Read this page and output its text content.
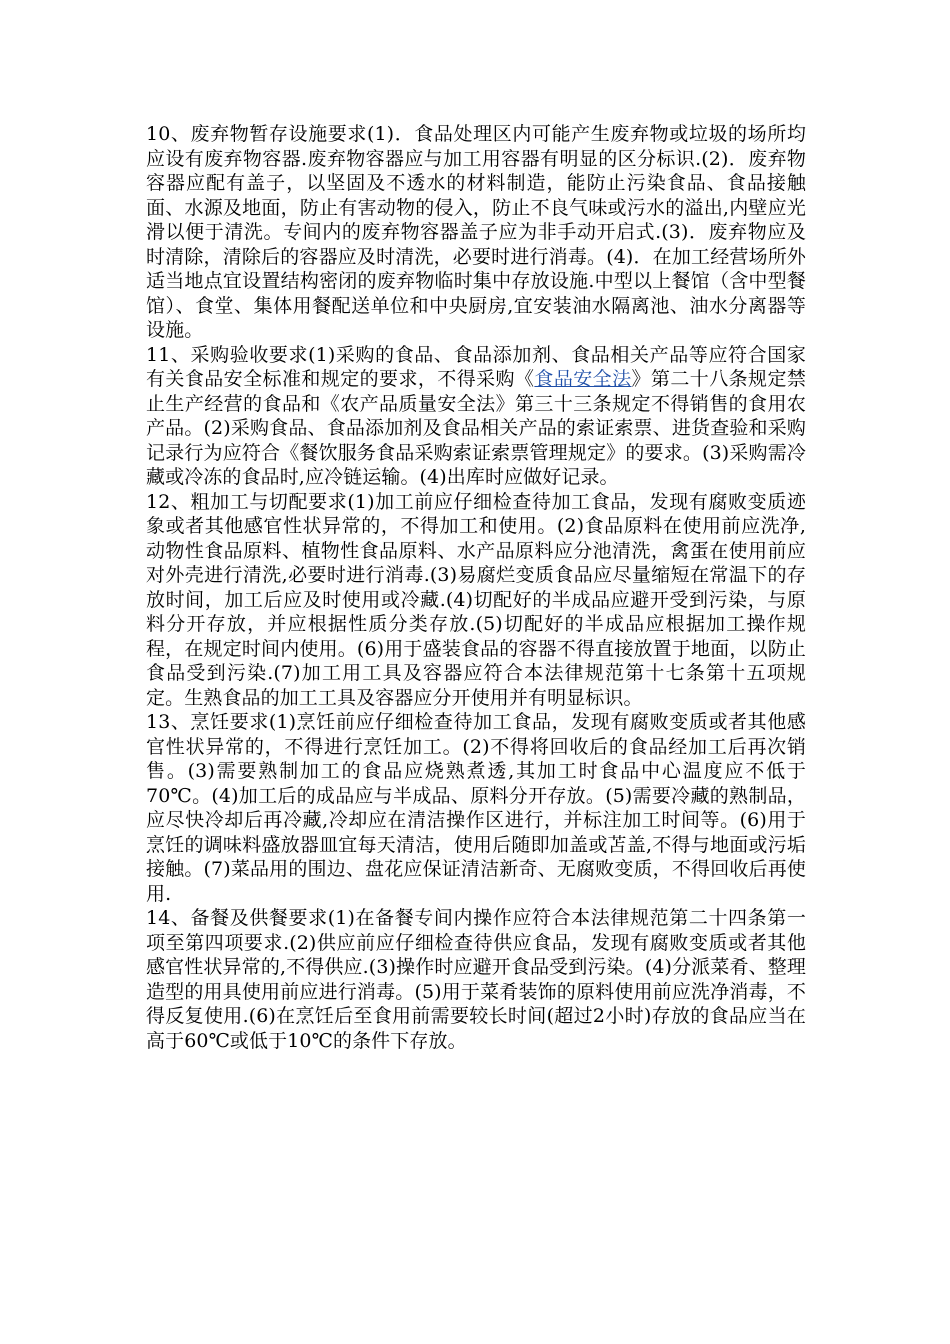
10、废弃物暂存设施要求(1)．食品处理区内可能产生废弃物或垃圾的场所均应设有废弃物容器.废弃物容器应与加工用容器有明显的区分标识.(2)．废弃物容器应配有盖子，以坚固及不透水的材料制造，能防止污染食品、食品接触面、水源及地面，防止有害动物的侵入，防止不良气味或污水的溢出,内壁应光滑以便于清洗。专间内的废弃物容器盖子应为非手动开启式.(3)．废弃物应及时清除，清除后的容器应及时清洗，必要时进行消毒。(4)．在加工经营场所外适当地点宜设置结构密闭的废弃物临时集中存放设施.中型以上餐馆（含中型餐馆）、食堂、集体用餐配送单位和中央厨房,宜安装油水隔离池、油水分离器等设施。

11、采购验收要求(1)采购的食品、食品添加剂、食品相关产品等应符合国家有关食品安全标准和规定的要求，不得采购《食品安全法》第二十八条规定禁止生产经营的食品和《农产品质量安全法》第三十三条规定不得销售的食用农产品。(2)采购食品、食品添加剂及食品相关产品的索证索票、进货查验和采购记录行为应符合《餐饮服务食品采购索证索票管理规定》的要求。(3)采购需冷藏或冷冻的食品时,应冷链运输。(4)出库时应做好记录。

12、粗加工与切配要求(1)加工前应仔细检查待加工食品，发现有腐败变质迹象或者其他感官性状异常的，不得加工和使用。(2)食品原料在使用前应洗净,动物性食品原料、植物性食品原料、水产品原料应分池清洗，禽蛋在使用前应对外壳进行清洗,必要时进行消毒.(3)易腐烂变质食品应尽量缩短在常温下的存放时间，加工后应及时使用或冷藏.(4)切配好的半成品应避开受到污染，与原料分开存放，并应根据性质分类存放.(5)切配好的半成品应根据加工操作规程，在规定时间内使用。(6)用于盛装食品的容器不得直接放置于地面，以防止食品受到污染.(7)加工用工具及容器应符合本法律规范第十七条第十五项规定。生熟食品的加工工具及容器应分开使用并有明显标识。

13、烹饪要求(1)烹饪前应仔细检查待加工食品，发现有腐败变质或者其他感官性状异常的，不得进行烹饪加工。(2)不得将回收后的食品经加工后再次销售。(3)需要熟制加工的食品应烧熟煮透,其加工时食品中心温度应不低于70℃。(4)加工后的成品应与半成品、原料分开存放。(5)需要冷藏的熟制品，应尽快冷却后再冷藏,冷却应在清洁操作区进行，并标注加工时间等。(6)用于烹饪的调味料盛放器皿宜每天清洁，使用后随即加盖或苫盖,不得与地面或污垢接触。(7)菜品用的围边、盘花应保证清洁新奇、无腐败变质，不得回收后再使用.

14、备餐及供餐要求(1)在备餐专间内操作应符合本法律规范第二十四条第一项至第四项要求.(2)供应前应仔细检查待供应食品，发现有腐败变质或者其他感官性状异常的,不得供应.(3)操作时应避开食品受到污染。(4)分派菜肴、整理造型的用具使用前应进行消毒。(5)用于菜肴装饰的原料使用前应洗净消毒，不得反复使用.(6)在烹饪后至食用前需要较长时间(超过2小时)存放的食品应当在高于60℃或低于10℃的条件下存放。
